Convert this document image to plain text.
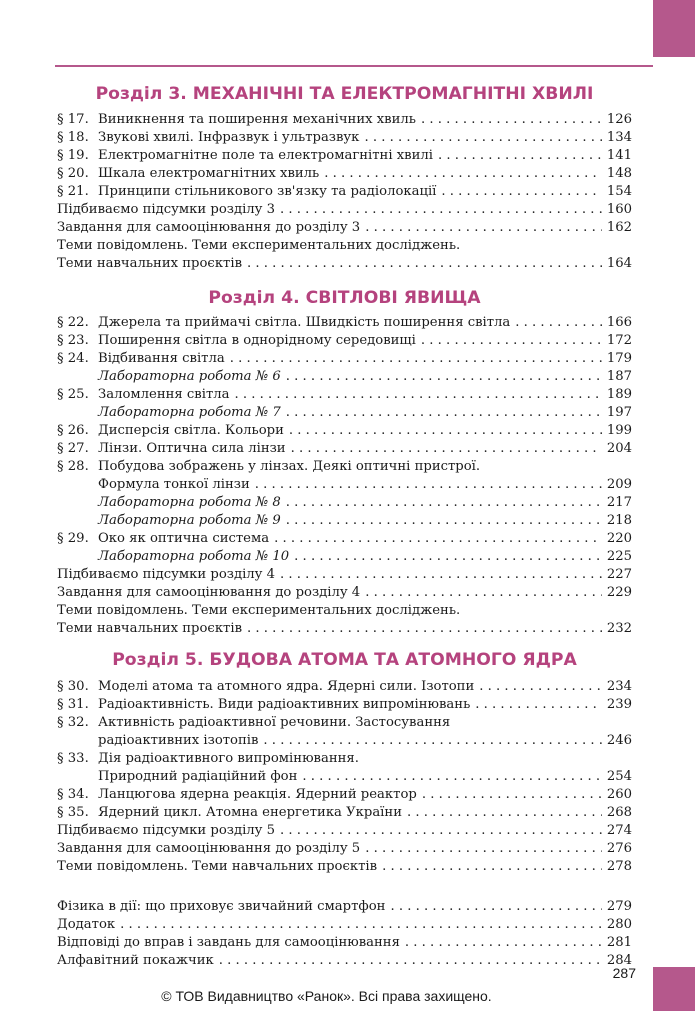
Розділ 3. МЕХАНІЧНІ ТА ЕЛЕКТРОМАГНІТНІ ХВИЛІ
§ 17. Виникнення та поширення механічних хвиль . . .	126
§ 18. Звукові хвилі. Інфразвук і ультразвук . . .	134
§ 19. Електромагнітне поле та електромагнітні хвилі . . .	141
§ 20. Шкала електромагнітних хвиль . . .	148
§ 21. Принципи стільникового зв'язку та радіолокації . . .	154
Підбиваємо підсумки розділу 3 . . .	160
Завдання для самооцінювання до розділу 3 . . .	162
Теми повідомлень. Теми експериментальних досліджень.
Теми навчальних проєктів . . .	164
Розділ 4. СВІТЛОВІ ЯВИЩА
§ 22. Джерела та приймачі світла. Швидкість поширення світла . . .	166
§ 23. Поширення світла в однорідному середовищі . . .	172
§ 24. Відбивання світла . . .	179
Лабораторна робота № 6 . . .	187
§ 25. Заломлення світла . . .	189
Лабораторна робота № 7 . . .	197
§ 26. Дисперсія світла. Кольори . . .	199
§ 27. Лінзи. Оптична сила лінзи . . .	204
§ 28. Побудова зображень у лінзах. Деякі оптичні пристрої.
Формула тонкої лінзи . . .	209
Лабораторна робота № 8 . . .	217
Лабораторна робота № 9 . . .	218
§ 29. Око як оптична система . . .	220
Лабораторна робота № 10 . . .	225
Підбиваємо підсумки розділу 4 . . .	227
Завдання для самооцінювання до розділу 4 . . .	229
Теми повідомлень. Теми експериментальних досліджень.
Теми навчальних проєктів . . .	232
Розділ 5. БУДОВА АТОМА ТА АТОМНОГО ЯДРА
§ 30. Моделі атома та атомного ядра. Ядерні сили. Ізотопи . . .	234
§ 31. Радіоактивність. Види радіоактивних випромінювань . . .	239
§ 32. Активність радіоактивної речовини. Застосування
радіоактивних ізотопів . . .	246
§ 33. Дія радіоактивного випромінювання.
Природний радіаційний фон . . .	254
§ 34. Ланцюгова ядерна реакція. Ядерний реактор . . .	260
§ 35. Ядерний цикл. Атомна енергетика України . . .	268
Підбиваємо підсумки розділу 5 . . .	274
Завдання для самооцінювання до розділу 5 . . .	276
Теми повідомлень. Теми навчальних проєктів . . .	278
Фізика в дії: що приховує звичайний смартфон . . .	279
Додаток . . .	280
Відповіді до вправ і завдань для самооцінювання . . .	281
Алфавітний покажчик . . .	284
287
© ТОВ Видавництво «Ранок». Всі права захищено.
